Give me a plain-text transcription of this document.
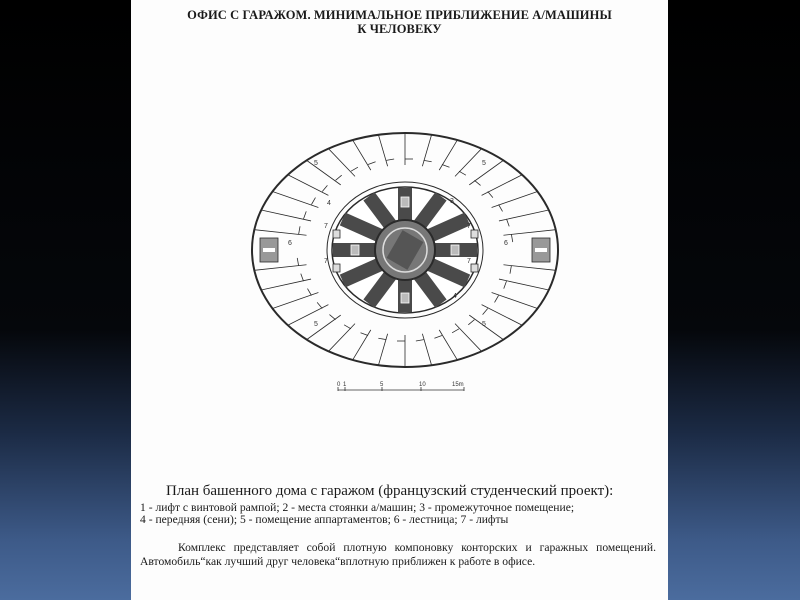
ОФИС С ГАРАЖОМ. МИНИМАЛЬНОЕ ПРИБЛИЖЕНИЕ А/МАШИНЫ
К ЧЕЛОВЕКУ
5	5
5	5
4
4
7
7
7
7
6	6
3
0 1	5	10	15m
План башенного дома с гаражом (французский студенческий проект):
1 - лифт с винтовой рампой; 2 - места стоянки а/машин; 3 - промежуточное помещение;
4 - передняя (сени); 5 - помещение аппартаментов; 6 - лестница; 7 - лифты
Комплекс представляет собой плотную компоновку конторских и гаражных помещений. Автомобиль“как лучший друг человека“вплотную приближен к работе в офисе.
